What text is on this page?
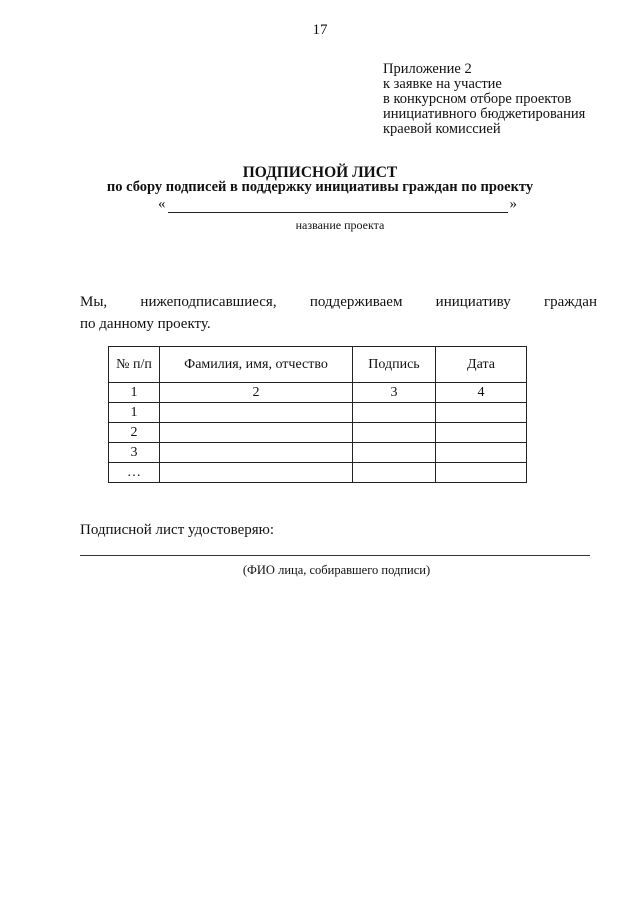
17
Приложение 2
к заявке на участие
в конкурсном отборе проектов
инициативного бюджетирования
краевой комиссией
ПОДПИСНОЙ ЛИСТ
по сбору подписей в поддержку инициативы граждан по проекту
«	»
название проекта
Мы, нижеподписавшиеся, поддерживаем инициативу граждан
по данному проекту.
№ п/п	Фамилия, имя, отчество	Подпись	Дата
1	2	3	4
1			
2			
3			
…			
Подписной лист удостоверяю:
(ФИО лица, собиравшего подписи)
